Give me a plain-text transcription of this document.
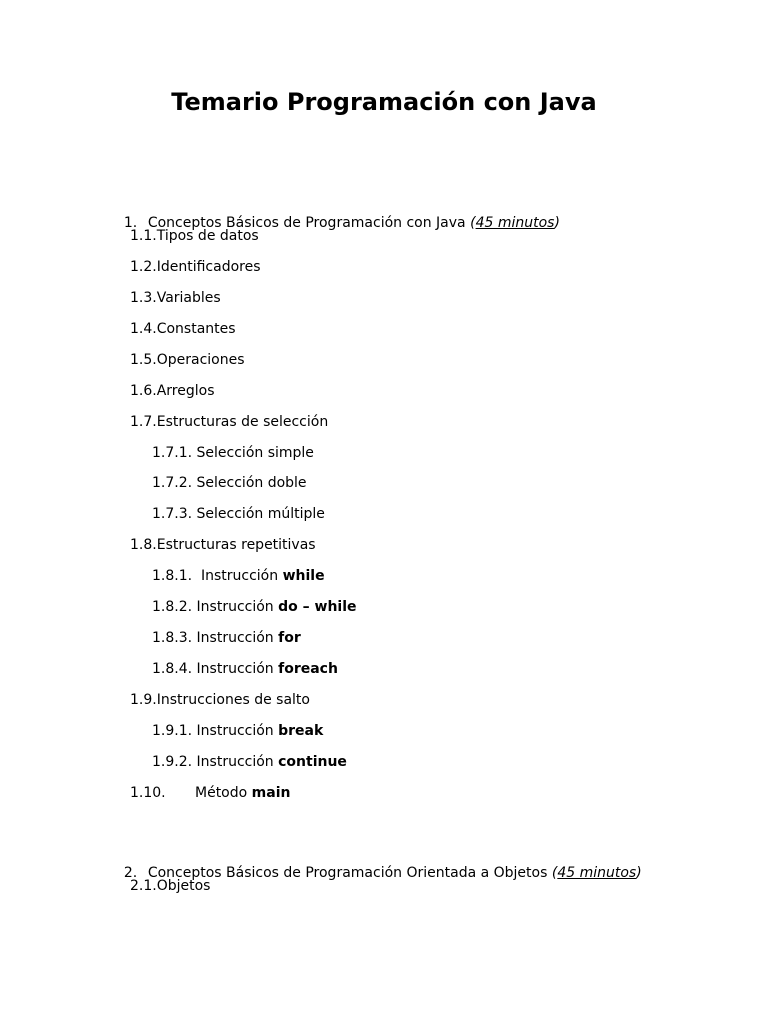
Temario Programación con Java

1. Conceptos Básicos de Programación con Java (45 minutos)

1.1.Tipos de datos
1.2.Identificadores
1.3.Variables
1.4.Constantes
1.5.Operaciones
1.6.Arreglos
1.7.Estructuras de selección
1.7.1. Selección simple
1.7.2. Selección doble
1.7.3. Selección múltiple
1.8.Estructuras repetitivas
1.8.1. Instrucción while
1.8.2. Instrucción do – while
1.8.3. Instrucción for
1.8.4. Instrucción foreach
1.9.Instrucciones de salto
1.9.1. Instrucción break
1.9.2. Instrucción continue
1.10. Método main

2. Conceptos Básicos de Programación Orientada a Objetos (45 minutos)

2.1.Objetos
